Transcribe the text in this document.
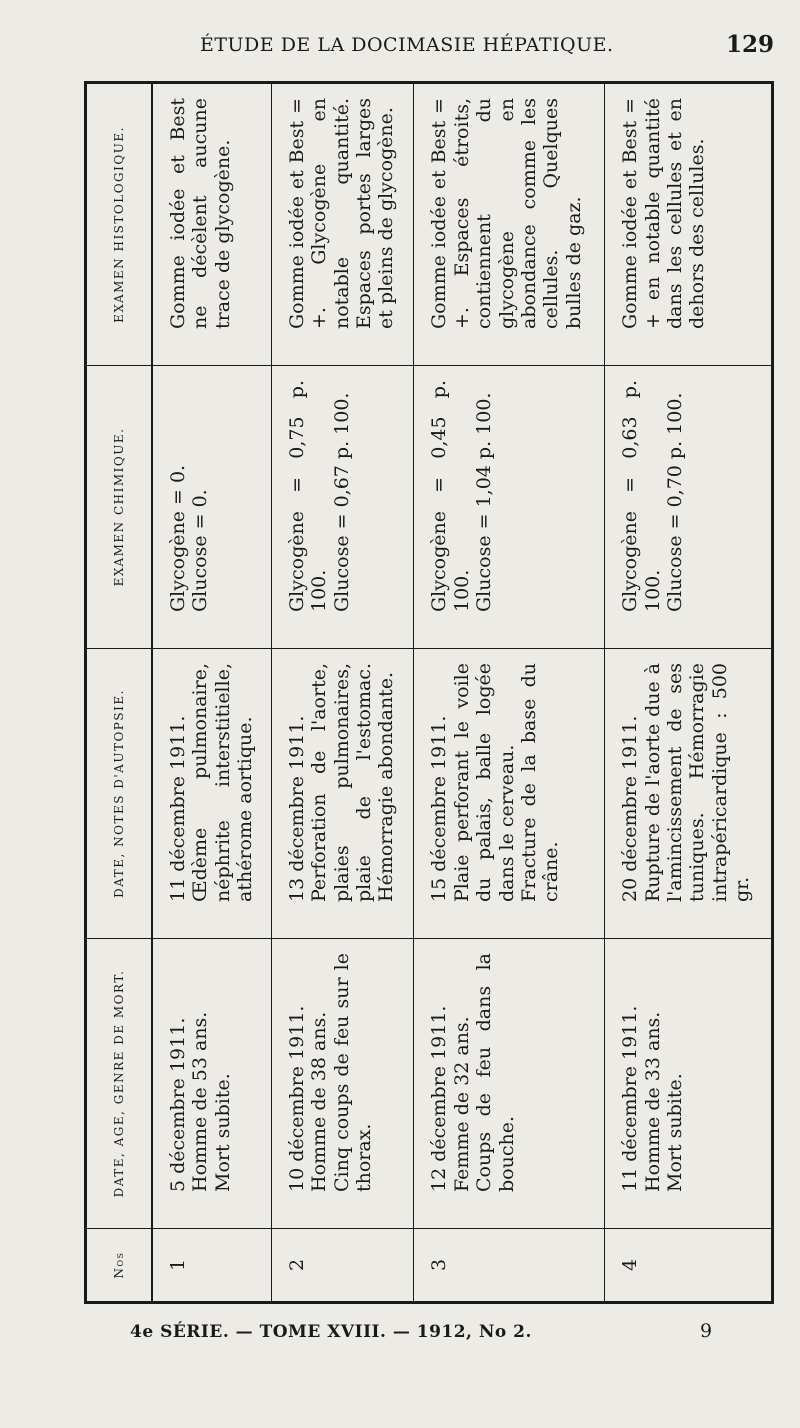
ÉTUDE DE LA DOCIMASIE HÉPATIQUE.	129
Nos	DATE, AGE, GENRE DE MORT.	DATE, NOTES D'AUTOPSIE.	EXAMEN CHIMIQUE.	EXAMEN HISTOLOGIQUE.
1	5 décembre 1911. Homme de 53 ans. Mort subite.	11 décembre 1911. Œdème pulmonaire, néphrite interstitielle, athérome aortique.	Glycogène = 0. Glucose = 0.	Gomme iodée et Best ne décèlent aucune trace de glycogène.

2	10 décembre 1911. Homme de 38 ans. Cinq coups de feu sur le thorax.	13 décembre 1911. Perforation de l'aorte, plaies pulmonaires, plaie de l'estomac. Hémorragie abondante.	Glycogène = 0,75 p. 100. Glucose = 0,67 p. 100.	Gomme iodée et Best = +. Glycogène en notable quantité. Espaces portes larges et pleins de glycogène.

3	12 décembre 1911. Femme de 32 ans. Coups de feu dans la bouche.	15 décembre 1911. Plaie perforant le voile du palais, balle logée dans le cerveau. Fracture de la base du crâne.	Glycogène = 0,45 p. 100. Glucose = 1,04 p. 100.	Gomme iodée et Best = +. Espaces étroits, contiennent du glycogène en abondance comme les cellules. Quelques bulles de gaz.

4	11 décembre 1911. Homme de 33 ans. Mort subite.	20 décembre 1911. Rupture de l'aorte due à l'amincissement de ses tuniques. Hémorragie intrapéricardique : 500 gr.	Glycogène = 0,63 p. 100. Glucose = 0,70 p. 100.	Gomme iodée et Best = + en notable quantité dans les cellules et en dehors des cellules.
4e SÉRIE. — TOME XVIII. — 1912, No 2.	9
